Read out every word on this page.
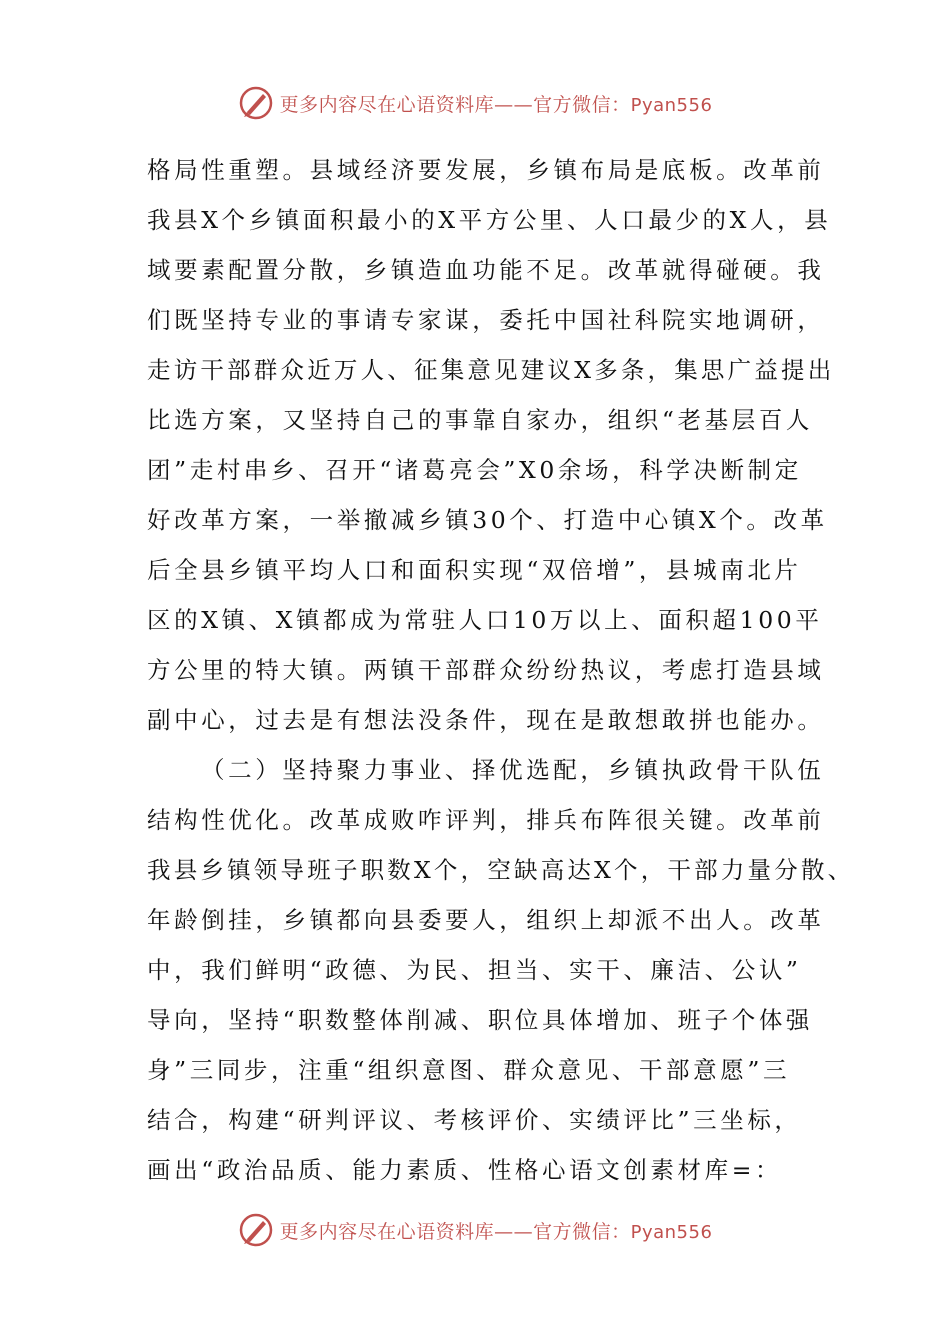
更多内容尽在心语资料库——官方微信：Pyan556
格局性重塑。县域经济要发展，乡镇布局是底板。改革前
我县X个乡镇面积最小的X平方公里、人口最少的X人，县
域要素配置分散，乡镇造血功能不足。改革就得碰硬。我
们既坚持专业的事请专家谋，委托中国社科院实地调研，
走访干部群众近万人、征集意见建议X多条，集思广益提出
比选方案，又坚持自己的事靠自家办，组织“老基层百人
团”走村串乡、召开“诸葛亮会”X0余场，科学决断制定
好改革方案，一举撤减乡镇30个、打造中心镇X个。改革
后全县乡镇平均人口和面积实现“双倍增”，县城南北片
区的X镇、X镇都成为常驻人口10万以上、面积超100平
方公里的特大镇。两镇干部群众纷纷热议，考虑打造县域
副中心，过去是有想法没条件，现在是敢想敢拼也能办。
（二）坚持聚力事业、择优选配，乡镇执政骨干队伍
结构性优化。改革成败咋评判，排兵布阵很关键。改革前
我县乡镇领导班子职数X个，空缺高达X个，干部力量分散、
年龄倒挂，乡镇都向县委要人，组织上却派不出人。改革
中，我们鲜明“政德、为民、担当、实干、廉洁、公认”
导向，坚持“职数整体削减、职位具体增加、班子个体强
身”三同步，注重“组织意图、群众意见、干部意愿”三
结合，构建“研判评议、考核评价、实绩评比”三坐标，
画出“政治品质、能力素质、性格心语文创素材库=：
更多内容尽在心语资料库——官方微信：Pyan556
